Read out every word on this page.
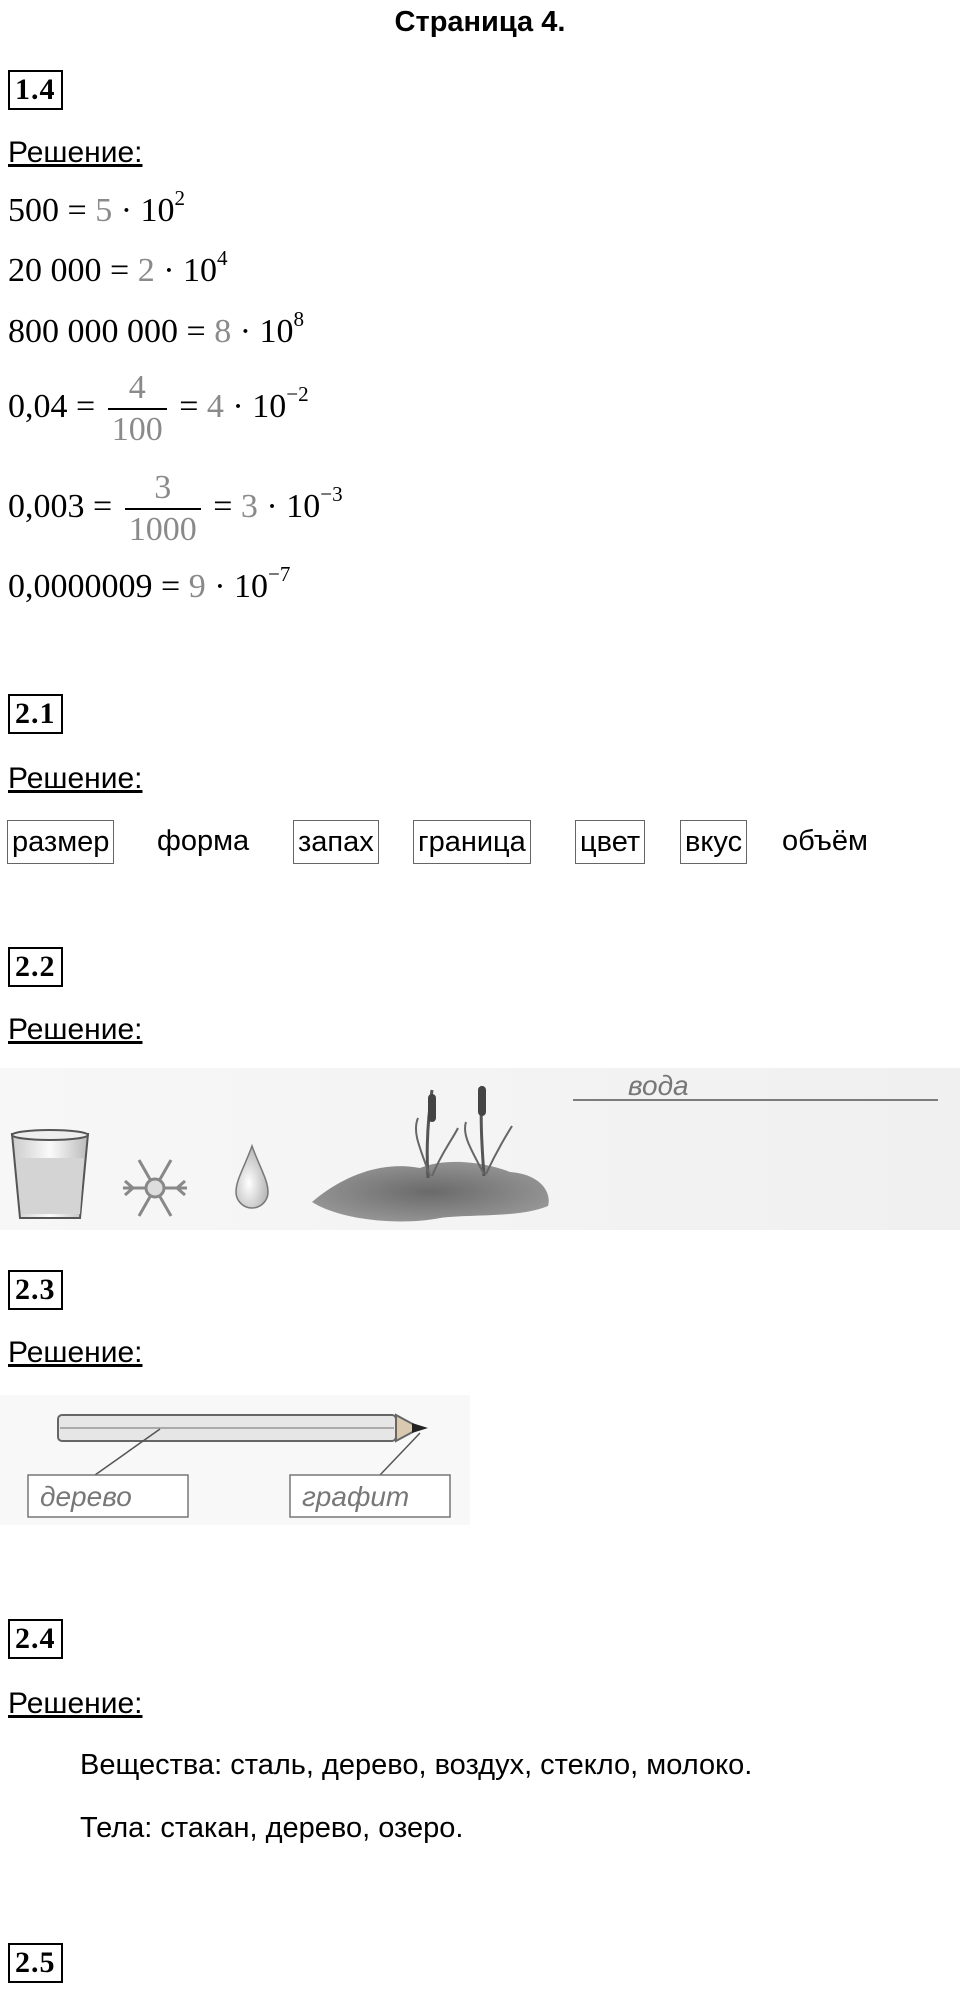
Страница 4.
1.4
Решение:
$500 = 5 \cdot 10^2$
20 $000 = 2 \cdot 10^4$
800 000 $000 = 8 \cdot 10^8$
$0,04 = \frac{4}{100} = 4 \cdot 10^{-2}$
$0,003 = \frac{3}{1000} = 3 \cdot 10^{-3}$
$0,0000009 = 9 \cdot 10^{-7}$
2.1
Решение:
размер форма запах граница цвет вкус объём
2.2
Решение:
вода
2.3
Решение:
дерево	графит
2.4
Решение:
Вещества: сталь, дерево, воздух, стекло, молоко.
Тела: стакан, дерево, озеро.
2.5
